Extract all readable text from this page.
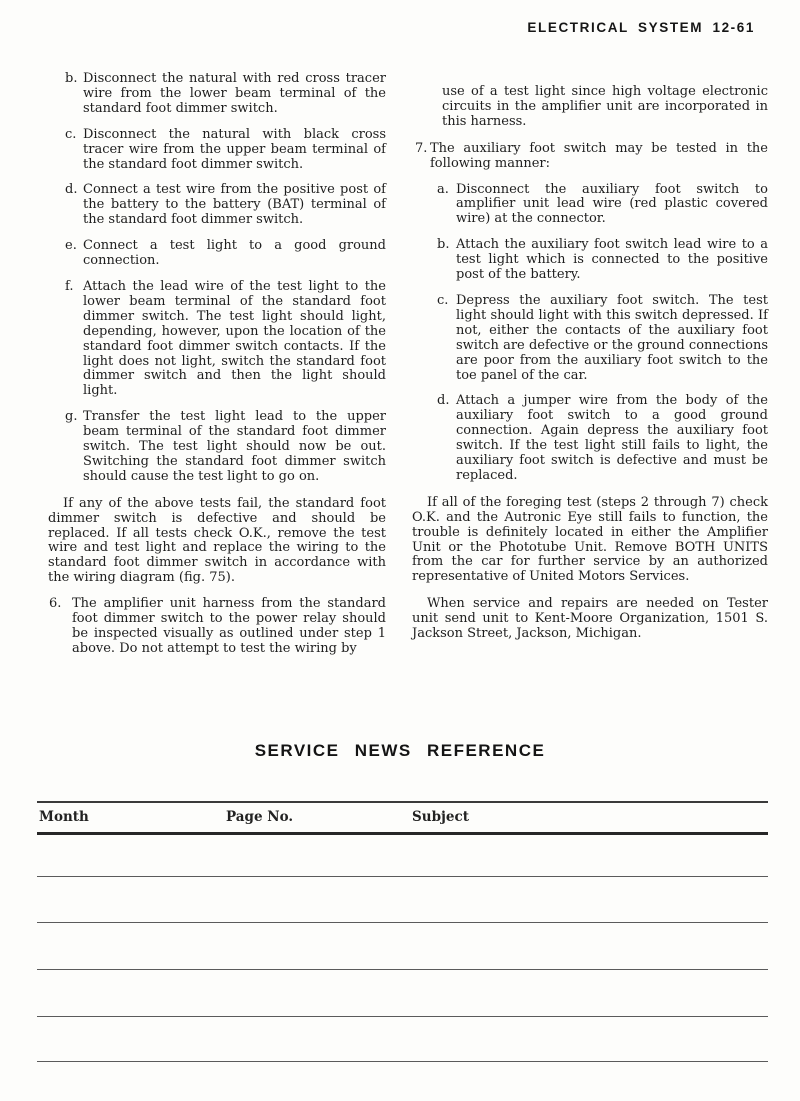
ELECTRICAL SYSTEM 12-61

b. Disconnect the natural with red cross tracer wire from the lower beam terminal of the standard foot dimmer switch.

c. Disconnect the natural with black cross tracer wire from the upper beam terminal of the standard foot dimmer switch.

d. Connect a test wire from the positive post of the battery to the battery (BAT) terminal of the standard foot dimmer switch.

e. Connect a test light to a good ground connection.

f. Attach the lead wire of the test light to the lower beam terminal of the standard foot dimmer switch. The test light should light, depending, however, upon the location of the standard foot dimmer switch contacts. If the light does not light, switch the standard foot dimmer switch and then the light should light.

g. Transfer the test light lead to the upper beam terminal of the standard foot dimmer switch. The test light should now be out. Switching the standard foot dimmer switch should cause the test light to go on.

If any of the above tests fail, the standard foot dimmer switch is defective and should be replaced. If all tests check O.K., remove the test wire and test light and replace the wiring to the standard foot dimmer switch in accordance with the wiring diagram (fig. 75).

6. The amplifier unit harness from the standard foot dimmer switch to the power relay should be inspected visually as outlined under step 1 above. Do not attempt to test the wiring by

use of a test light since high voltage electronic circuits in the amplifier unit are incorporated in this harness.

7. The auxiliary foot switch may be tested in the following manner:

a. Disconnect the auxiliary foot switch to amplifier unit lead wire (red plastic covered wire) at the connector.

b. Attach the auxiliary foot switch lead wire to a test light which is connected to the positive post of the battery.

c. Depress the auxiliary foot switch. The test light should light with this switch depressed. If not, either the contacts of the auxiliary foot switch are defective or the ground connections are poor from the auxiliary foot switch to the toe panel of the car.

d. Attach a jumper wire from the body of the auxiliary foot switch to a good ground connection. Again depress the auxiliary foot switch. If the test light still fails to light, the auxiliary foot switch is defective and must be replaced.

If all of the foreging test (steps 2 through 7) check O.K. and the Autronic Eye still fails to function, the trouble is definitely located in either the Amplifier Unit or the Phototube Unit. Remove BOTH UNITS from the car for further service by an authorized representative of United Motors Services.

When service and repairs are needed on Tester unit send unit to Kent-Moore Organization, 1501 S. Jackson Street, Jackson, Michigan.

SERVICE NEWS REFERENCE
Month	Page No.	Subject
